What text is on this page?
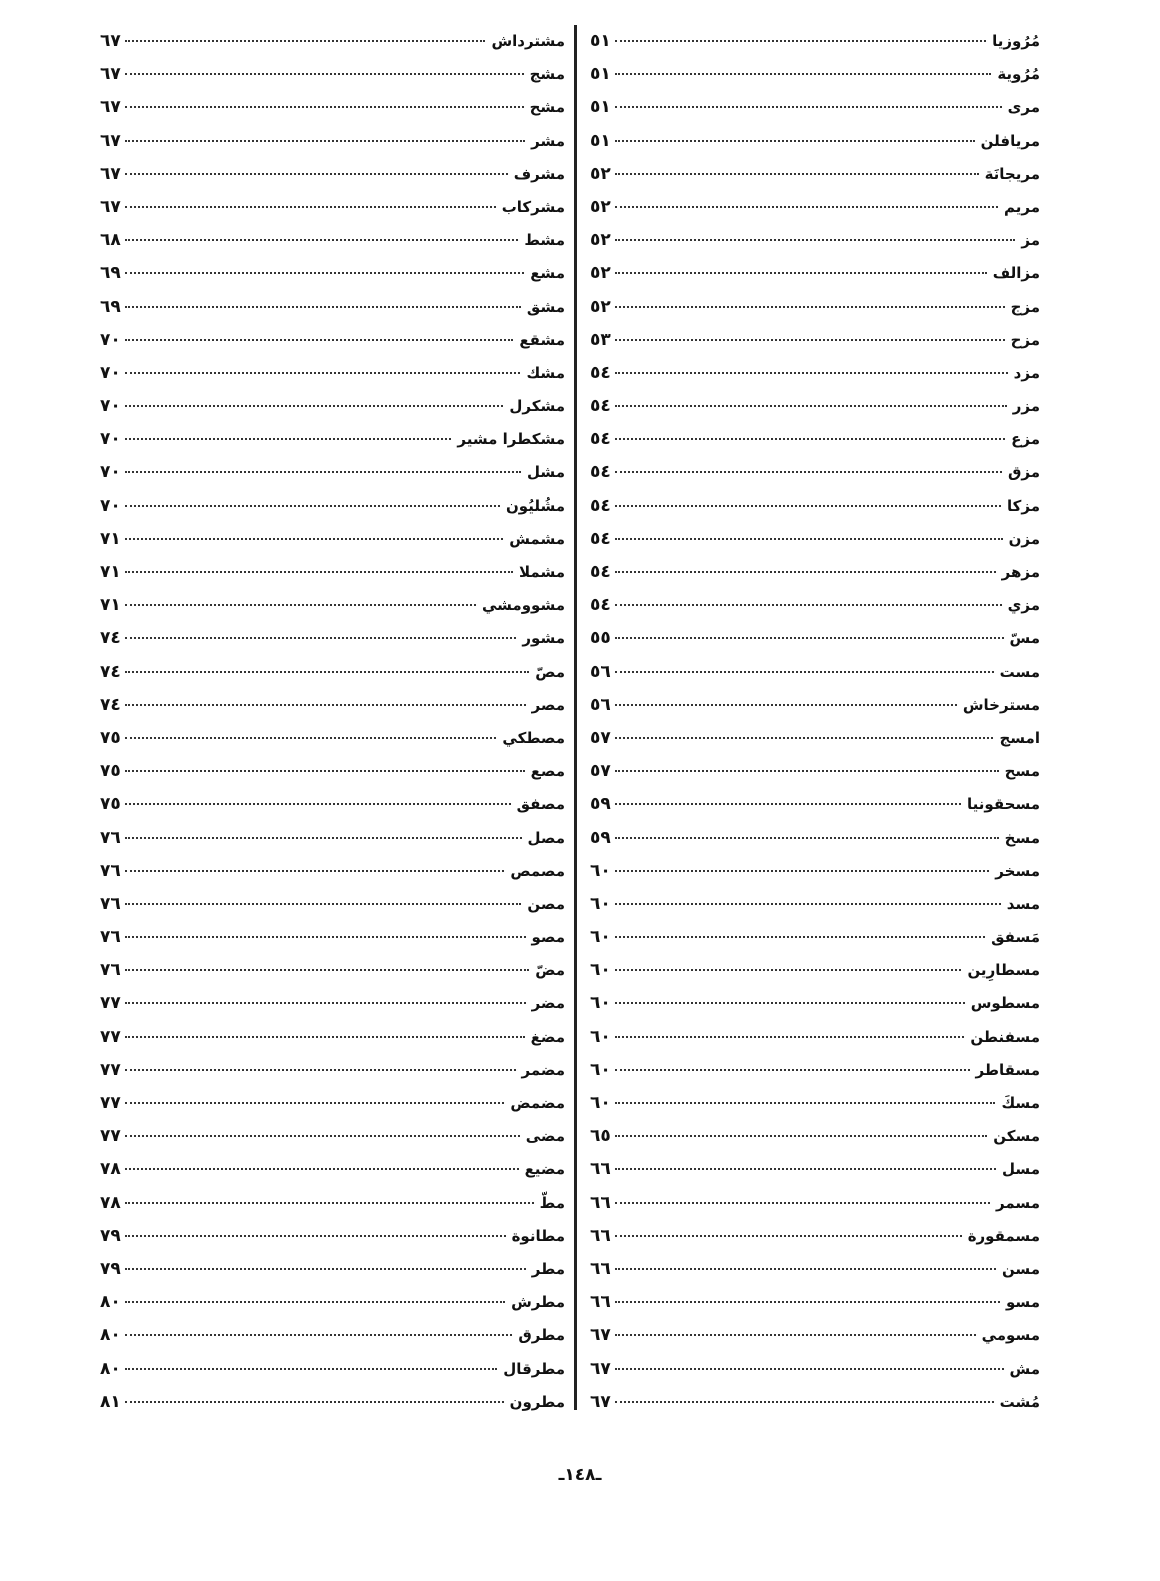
مُرُوزيا
٥١
مُرُوية
٥١
مرى
٥١
مريافلن
٥١
مريجانَة
٥٢
مريم
٥٢
مز
٥٢
مزالف
٥٢
مزج
٥٢
مزح
٥٣
مزد
٥٤
مزر
٥٤
مزع
٥٤
مزق
٥٤
مزكا
٥٤
مزن
٥٤
مزهر
٥٤
مزي
٥٤
مسّ
٥٥
مست
٥٦
مسترخاش
٥٦
امسج
٥٧
مسح
٥٧
مسحقونيا
٥٩
مسخ
٥٩
مسخر
٦٠
مسد
٦٠
مَسفق
٦٠
مسطارِين
٦٠
مسطوس
٦٠
مسفنطن
٦٠
مسقاطر
٦٠
مسكَ
٦٠
مسكن
٦٥
مسل
٦٦
مسمر
٦٦
مسمقورة
٦٦
مسن
٦٦
مسو
٦٦
مسومي
٦٧
مش
٦٧
مُشت
٦٧
مشترداش
٦٧
مشج
٦٧
مشح
٦٧
مشر
٦٧
مشرف
٦٧
مشركاب
٦٧
مشط
٦٨
مشع
٦٩
مشق
٦٩
مشقع
٧٠
مشك
٧٠
مشكرل
٧٠
مشكطرا مشير
٧٠
مشل
٧٠
مشُليُون
٧٠
مشمش
٧١
مشملا
٧١
مشوومشي
٧١
مشور
٧٤
مصّ
٧٤
مصر
٧٤
مصطكي
٧٥
مصع
٧٥
مصفق
٧٥
مصل
٧٦
مصمص
٧٦
مصن
٧٦
مصو
٧٦
مضّ
٧٦
مضر
٧٧
مضغ
٧٧
مضمر
٧٧
مضمض
٧٧
مضى
٧٧
مضيع
٧٨
مطّ
٧٨
مطانوة
٧٩
مطر
٧٩
مطرش
٨٠
مطرق
٨٠
مطرقال
٨٠
مطرون
٨١
ـ١٤٨ـ
